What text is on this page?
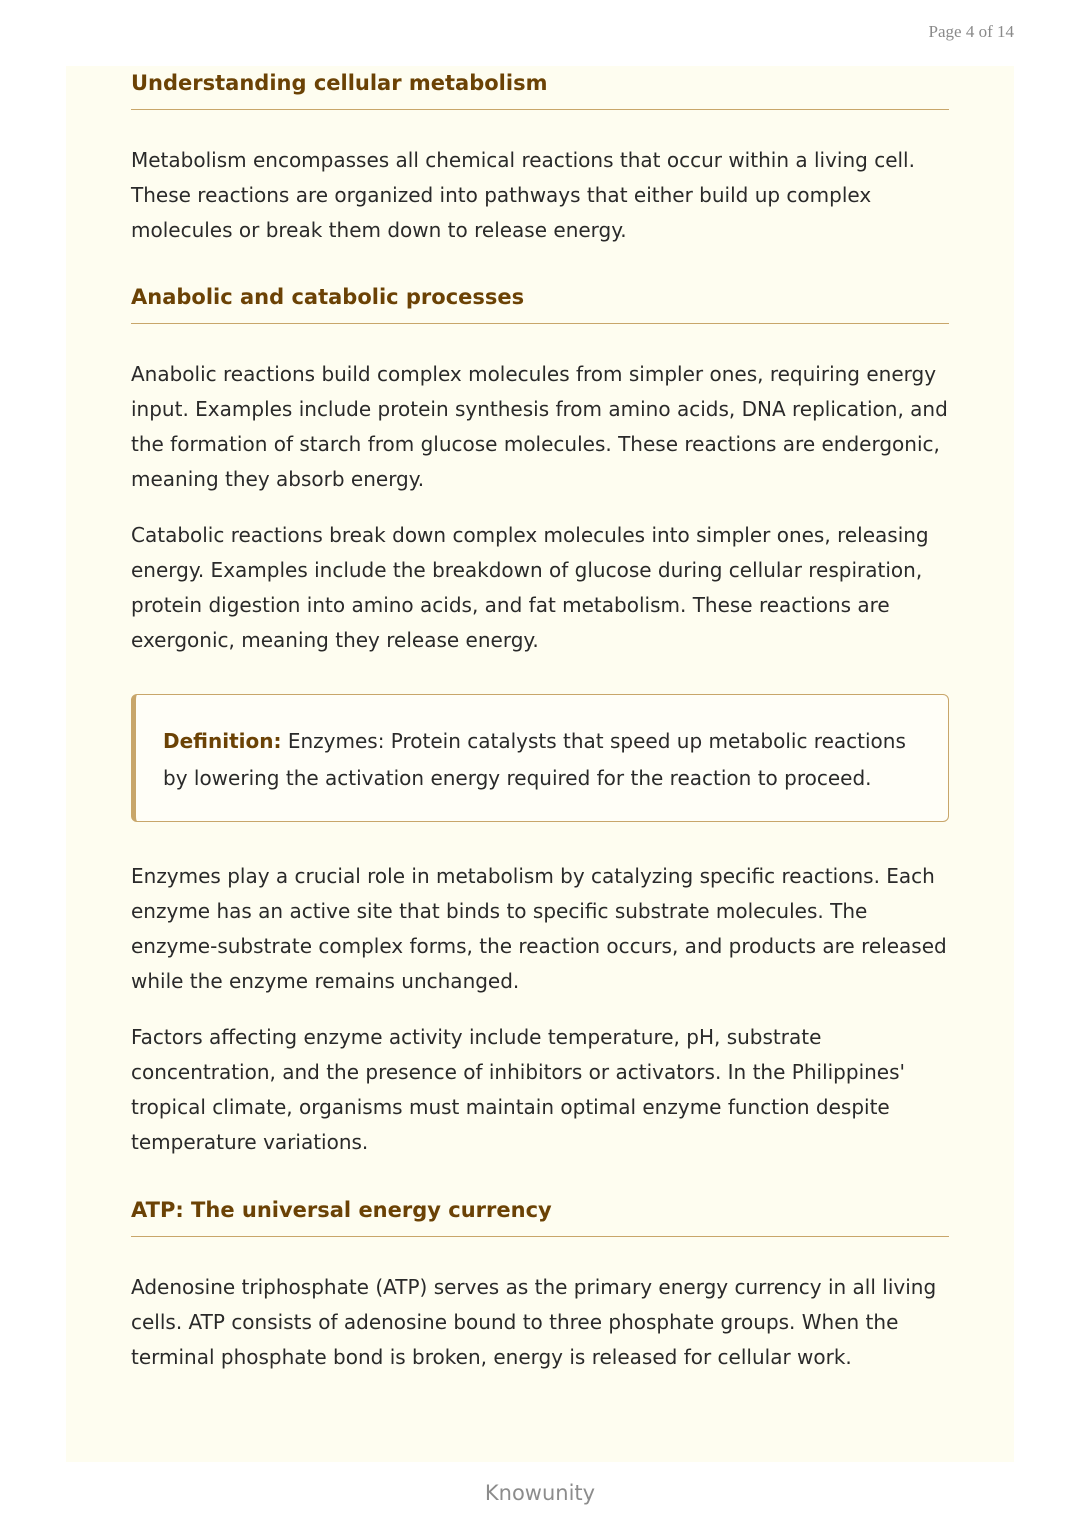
Page 4 of 14
Understanding cellular metabolism

Metabolism encompasses all chemical reactions that occur within a living cell. These reactions are organized into pathways that either build up complex molecules or break them down to release energy.

Anabolic and catabolic processes

Anabolic reactions build complex molecules from simpler ones, requiring energy input. Examples include protein synthesis from amino acids, DNA replication, and the formation of starch from glucose molecules. These reactions are endergonic, meaning they absorb energy.

Catabolic reactions break down complex molecules into simpler ones, releasing energy. Examples include the breakdown of glucose during cellular respiration, protein digestion into amino acids, and fat metabolism. These reactions are exergonic, meaning they release energy.

Definition: Enzymes: Protein catalysts that speed up metabolic reactions by lowering the activation energy required for the reaction to proceed.

Enzymes play a crucial role in metabolism by catalyzing specific reactions. Each enzyme has an active site that binds to specific substrate molecules. The enzyme-substrate complex forms, the reaction occurs, and products are released while the enzyme remains unchanged.

Factors affecting enzyme activity include temperature, pH, substrate concentration, and the presence of inhibitors or activators. In the Philippines' tropical climate, organisms must maintain optimal enzyme function despite temperature variations.

ATP: The universal energy currency

Adenosine triphosphate (ATP) serves as the primary energy currency in all living cells. ATP consists of adenosine bound to three phosphate groups. When the terminal phosphate bond is broken, energy is released for cellular work.

Knowunity
